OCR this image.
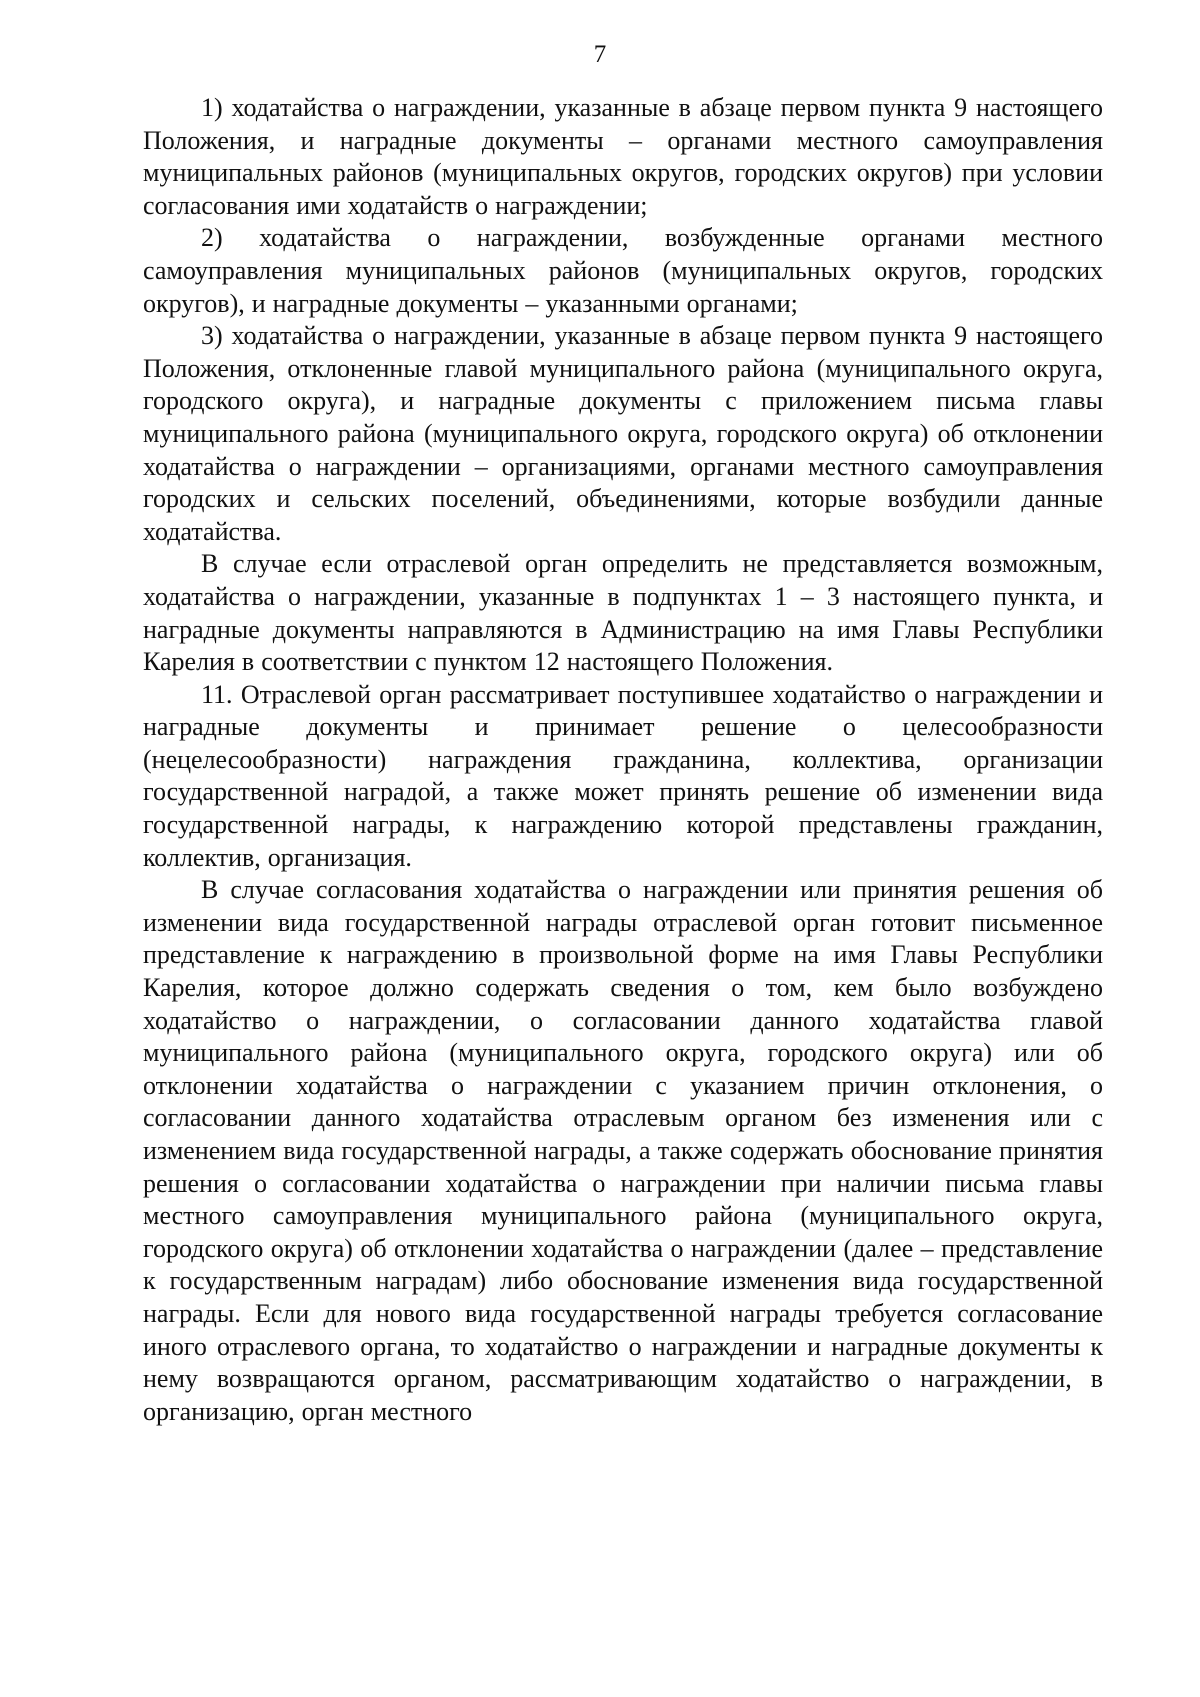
7

1) ходатайства о награждении, указанные в абзаце первом пункта 9 настоящего Положения, и наградные документы – органами местного самоуправления муниципальных районов (муниципальных округов, городских округов) при условии согласования ими ходатайств о награждении;

2) ходатайства о награждении, возбужденные органами местного самоуправления муниципальных районов (муниципальных округов, городских округов), и наградные документы – указанными органами;

3) ходатайства о награждении, указанные в абзаце первом пункта 9 настоящего Положения, отклоненные главой муниципального района (муниципального округа, городского округа), и наградные документы с приложением письма главы муниципального района (муниципального округа, городского округа) об отклонении ходатайства о награждении – организациями, органами местного самоуправления городских и сельских поселений, объединениями, которые возбудили данные ходатайства.

В случае если отраслевой орган определить не представляется возможным, ходатайства о награждении, указанные в подпунктах 1 – 3 настоящего пункта, и наградные документы направляются в Администрацию на имя Главы Республики Карелия в соответствии с пунктом 12 настоящего Положения.

11. Отраслевой орган рассматривает поступившее ходатайство о награждении и наградные документы и принимает решение о целесообразности (нецелесообразности) награждения гражданина, коллектива, организации государственной наградой, а также может принять решение об изменении вида государственной награды, к награждению которой представлены гражданин, коллектив, организация.

В случае согласования ходатайства о награждении или принятия решения об изменении вида государственной награды отраслевой орган готовит письменное представление к награждению в произвольной форме на имя Главы Республики Карелия, которое должно содержать сведения о том, кем было возбуждено ходатайство о награждении, о согласовании данного ходатайства главой муниципального района (муниципального округа, городского округа) или об отклонении ходатайства о награждении с указанием причин отклонения, о согласовании данного ходатайства отраслевым органом без изменения или с изменением вида государственной награды, а также содержать обоснование принятия решения о согласовании ходатайства о награждении при наличии письма главы местного самоуправления муниципального района (муниципального округа, городского округа) об отклонении ходатайства о награждении (далее – представление к государственным наградам) либо обоснование изменения вида государственной награды. Если для нового вида государственной награды требуется согласование иного отраслевого органа, то ходатайство о награждении и наградные документы к нему возвращаются органом, рассматривающим ходатайство о награждении, в организацию, орган местного
